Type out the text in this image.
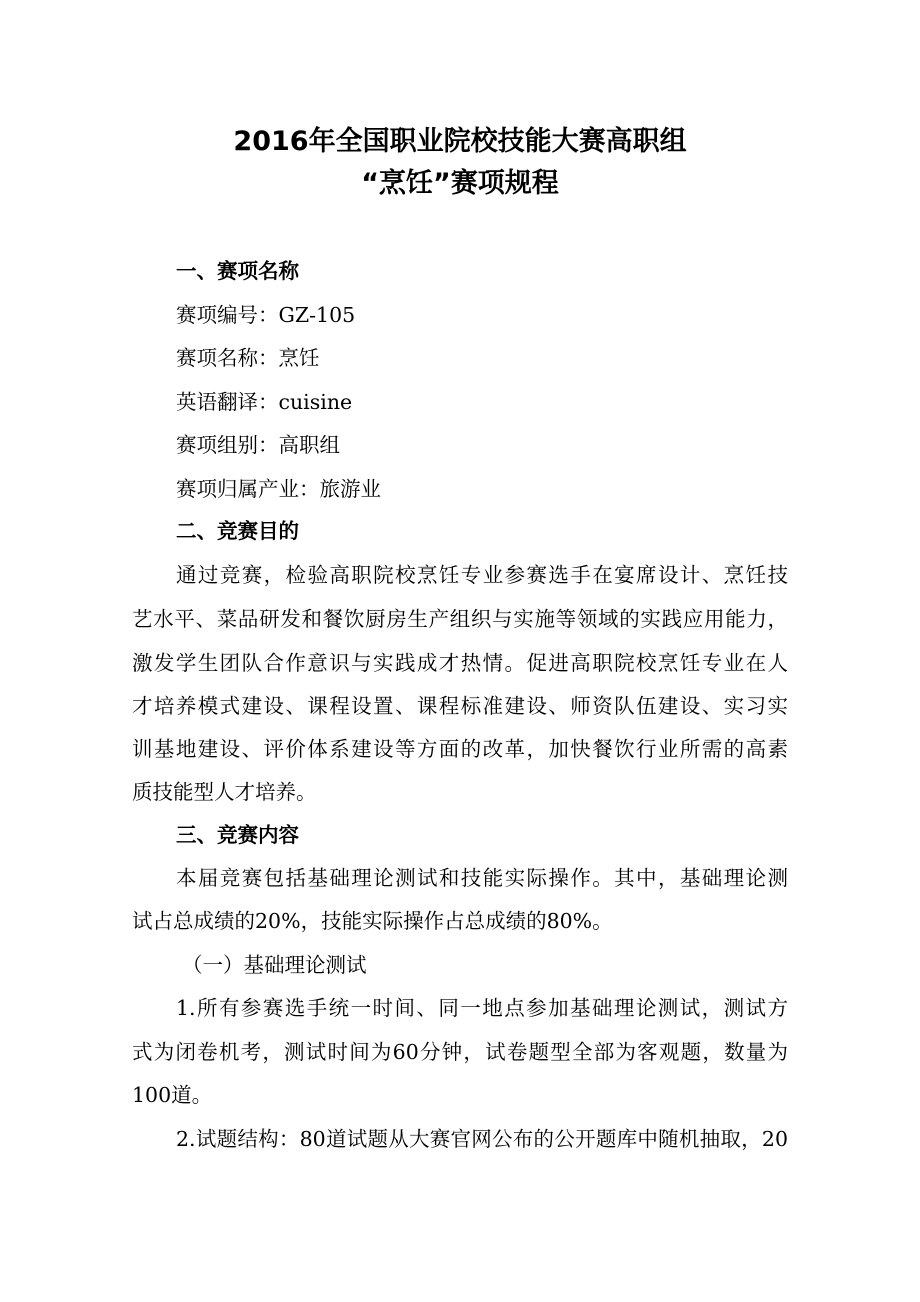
2016年全国职业院校技能大赛高职组
“烹饪”赛项规程
一、赛项名称
赛项编号：GZ-105
赛项名称：烹饪
英语翻译：cuisine
赛项组别：高职组
赛项归属产业：旅游业
二、竞赛目的
通过竞赛，检验高职院校烹饪专业参赛选手在宴席设计、烹饪技
艺水平、菜品研发和餐饮厨房生产组织与实施等领域的实践应用能力，
激发学生团队合作意识与实践成才热情。促进高职院校烹饪专业在人
才培养模式建设、课程设置、课程标准建设、师资队伍建设、实习实
训基地建设、评价体系建设等方面的改革，加快餐饮行业所需的高素
质技能型人才培养。
三、竞赛内容
本届竞赛包括基础理论测试和技能实际操作。其中，基础理论测
试占总成绩的20%，技能实际操作占总成绩的80%。
（一）基础理论测试
1.所有参赛选手统一时间、同一地点参加基础理论测试，测试方
式为闭卷机考，测试时间为60分钟，试卷题型全部为客观题，数量为
100道。
2.试题结构：80道试题从大赛官网公布的公开题库中随机抽取，20
